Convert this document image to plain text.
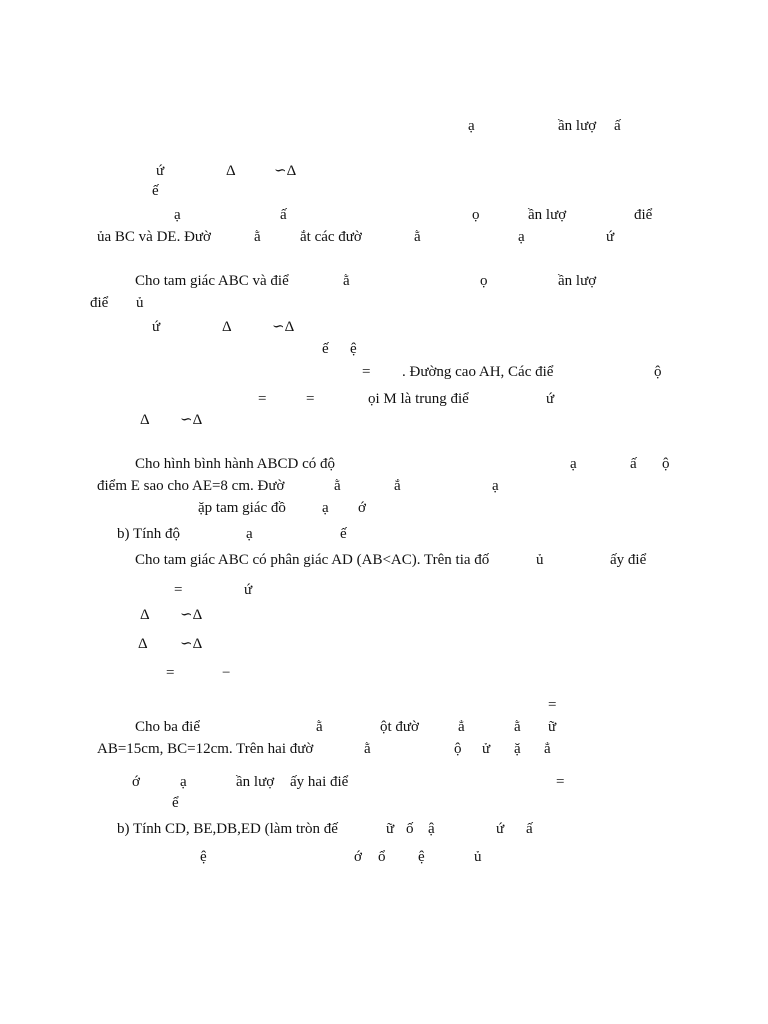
ạ	ần lượ ấ
ứ	Δ	∽Δ
ế
ạ	ấ	ọ	ần lượ	điể
ủa BC và DE. Đườ	ằ	ắt các đườ	ằ	ạ	ứ
Cho tam giác ABC và điể	ằ	ọ	ần lượ
điể ủ
ứ	Δ	∽Δ
ế ệ
= . Đường cao AH, Các điể	ộ
=	=	ọi M là trung điể	ứ
Δ ∽Δ
Cho hình bình hành ABCD có độ	ạ	ấ ộ
điểm E sao cho AE=8 cm. Đườ	ằ	ắ	ạ
ặp tam giác đồ ạ ớ
b) Tính độ	ạ	ế
Cho tam giác ABC có phân giác AD (AB<AC). Trên tia đố	ủ	ấy điể
=	ứ
Δ ∽Δ
Δ ∽Δ
=	−
=
Cho ba điể	ằ	ột đườ	ẳ	ằ ữ
AB=15cm, BC=12cm. Trên hai đườ	ằ	ộ ử ặ ẳ
ớ	ạ	ần lượ ấy hai điể	=
ể
b) Tính CD, BE,DB,ED (làm tròn đế	ữ ố ậ	ứ ấ
ệ	ớ ổ ệ	ủ
